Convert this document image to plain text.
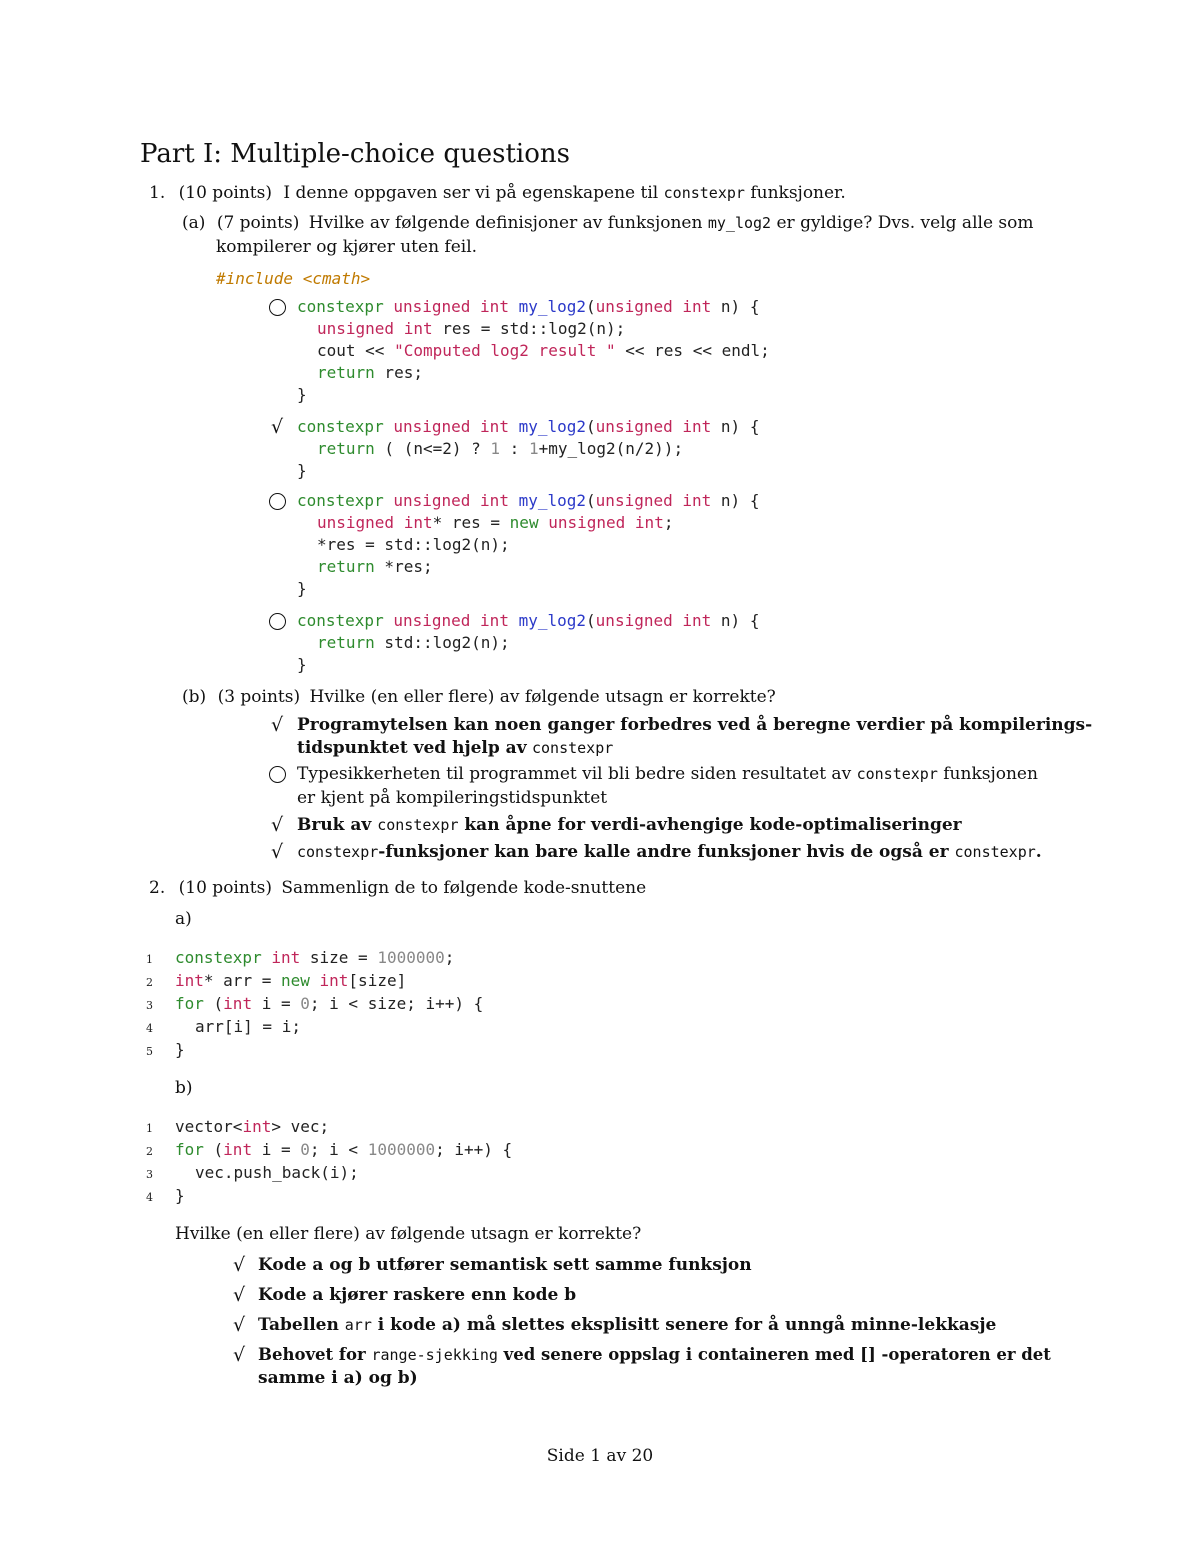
Part I: Multiple-choice questions
1. (10 points) I denne oppgaven ser vi på egenskapene til constexpr funksjoner.
(a) (7 points) Hvilke av følgende definisjoner av funksjonen my_log2 er gyldige? Dvs. velg alle som
kompilerer og kjører uten feil.
#include <cmath>
constexpr unsigned int my_log2(unsigned int n) {
unsigned int res = std::log2(n);
cout << "Computed log2 result " << res << endl;
return res;
}
√ constexpr unsigned int my_log2(unsigned int n) {
return ( (n<=2) ? 1 : 1+my_log2(n/2));
}
constexpr unsigned int my_log2(unsigned int n) {
unsigned int* res = new unsigned int;
*res = std::log2(n);
return *res;
}
constexpr unsigned int my_log2(unsigned int n) {
return std::log2(n);
}
(b) (3 points) Hvilke (en eller flere) av følgende utsagn er korrekte?
√ Programytelsen kan noen ganger forbedres ved å beregne verdier på kompilerings-
tidspunktet ved hjelp av constexpr
Typesikkerheten til programmet vil bli bedre siden resultatet av constexpr funksjonen
er kjent på kompileringstidspunktet
√ Bruk av constexpr kan åpne for verdi-avhengige kode-optimaliseringer
√ constexpr-funksjoner kan bare kalle andre funksjoner hvis de også er constexpr.
2. (10 points) Sammenlign de to følgende kode-snuttene
a)
1
2
3
4
5
constexpr int size = 1000000;
int* arr = new int[size]
for (int i = 0; i < size; i++) {
arr[i] = i;
}
b)
1
2
3
4
vector<int> vec;
for (int i = 0; i < 1000000; i++) {
vec.push_back(i);
}
Hvilke (en eller flere) av følgende utsagn er korrekte?
√ Kode a og b utfører semantisk sett samme funksjon
√ Kode a kjører raskere enn kode b
√ Tabellen arr i kode a) må slettes eksplisitt senere for å unngå minne-lekkasje
√ Behovet for range-sjekking ved senere oppslag i containeren med [] -operatoren er det
samme i a) og b)
Side 1 av 20
